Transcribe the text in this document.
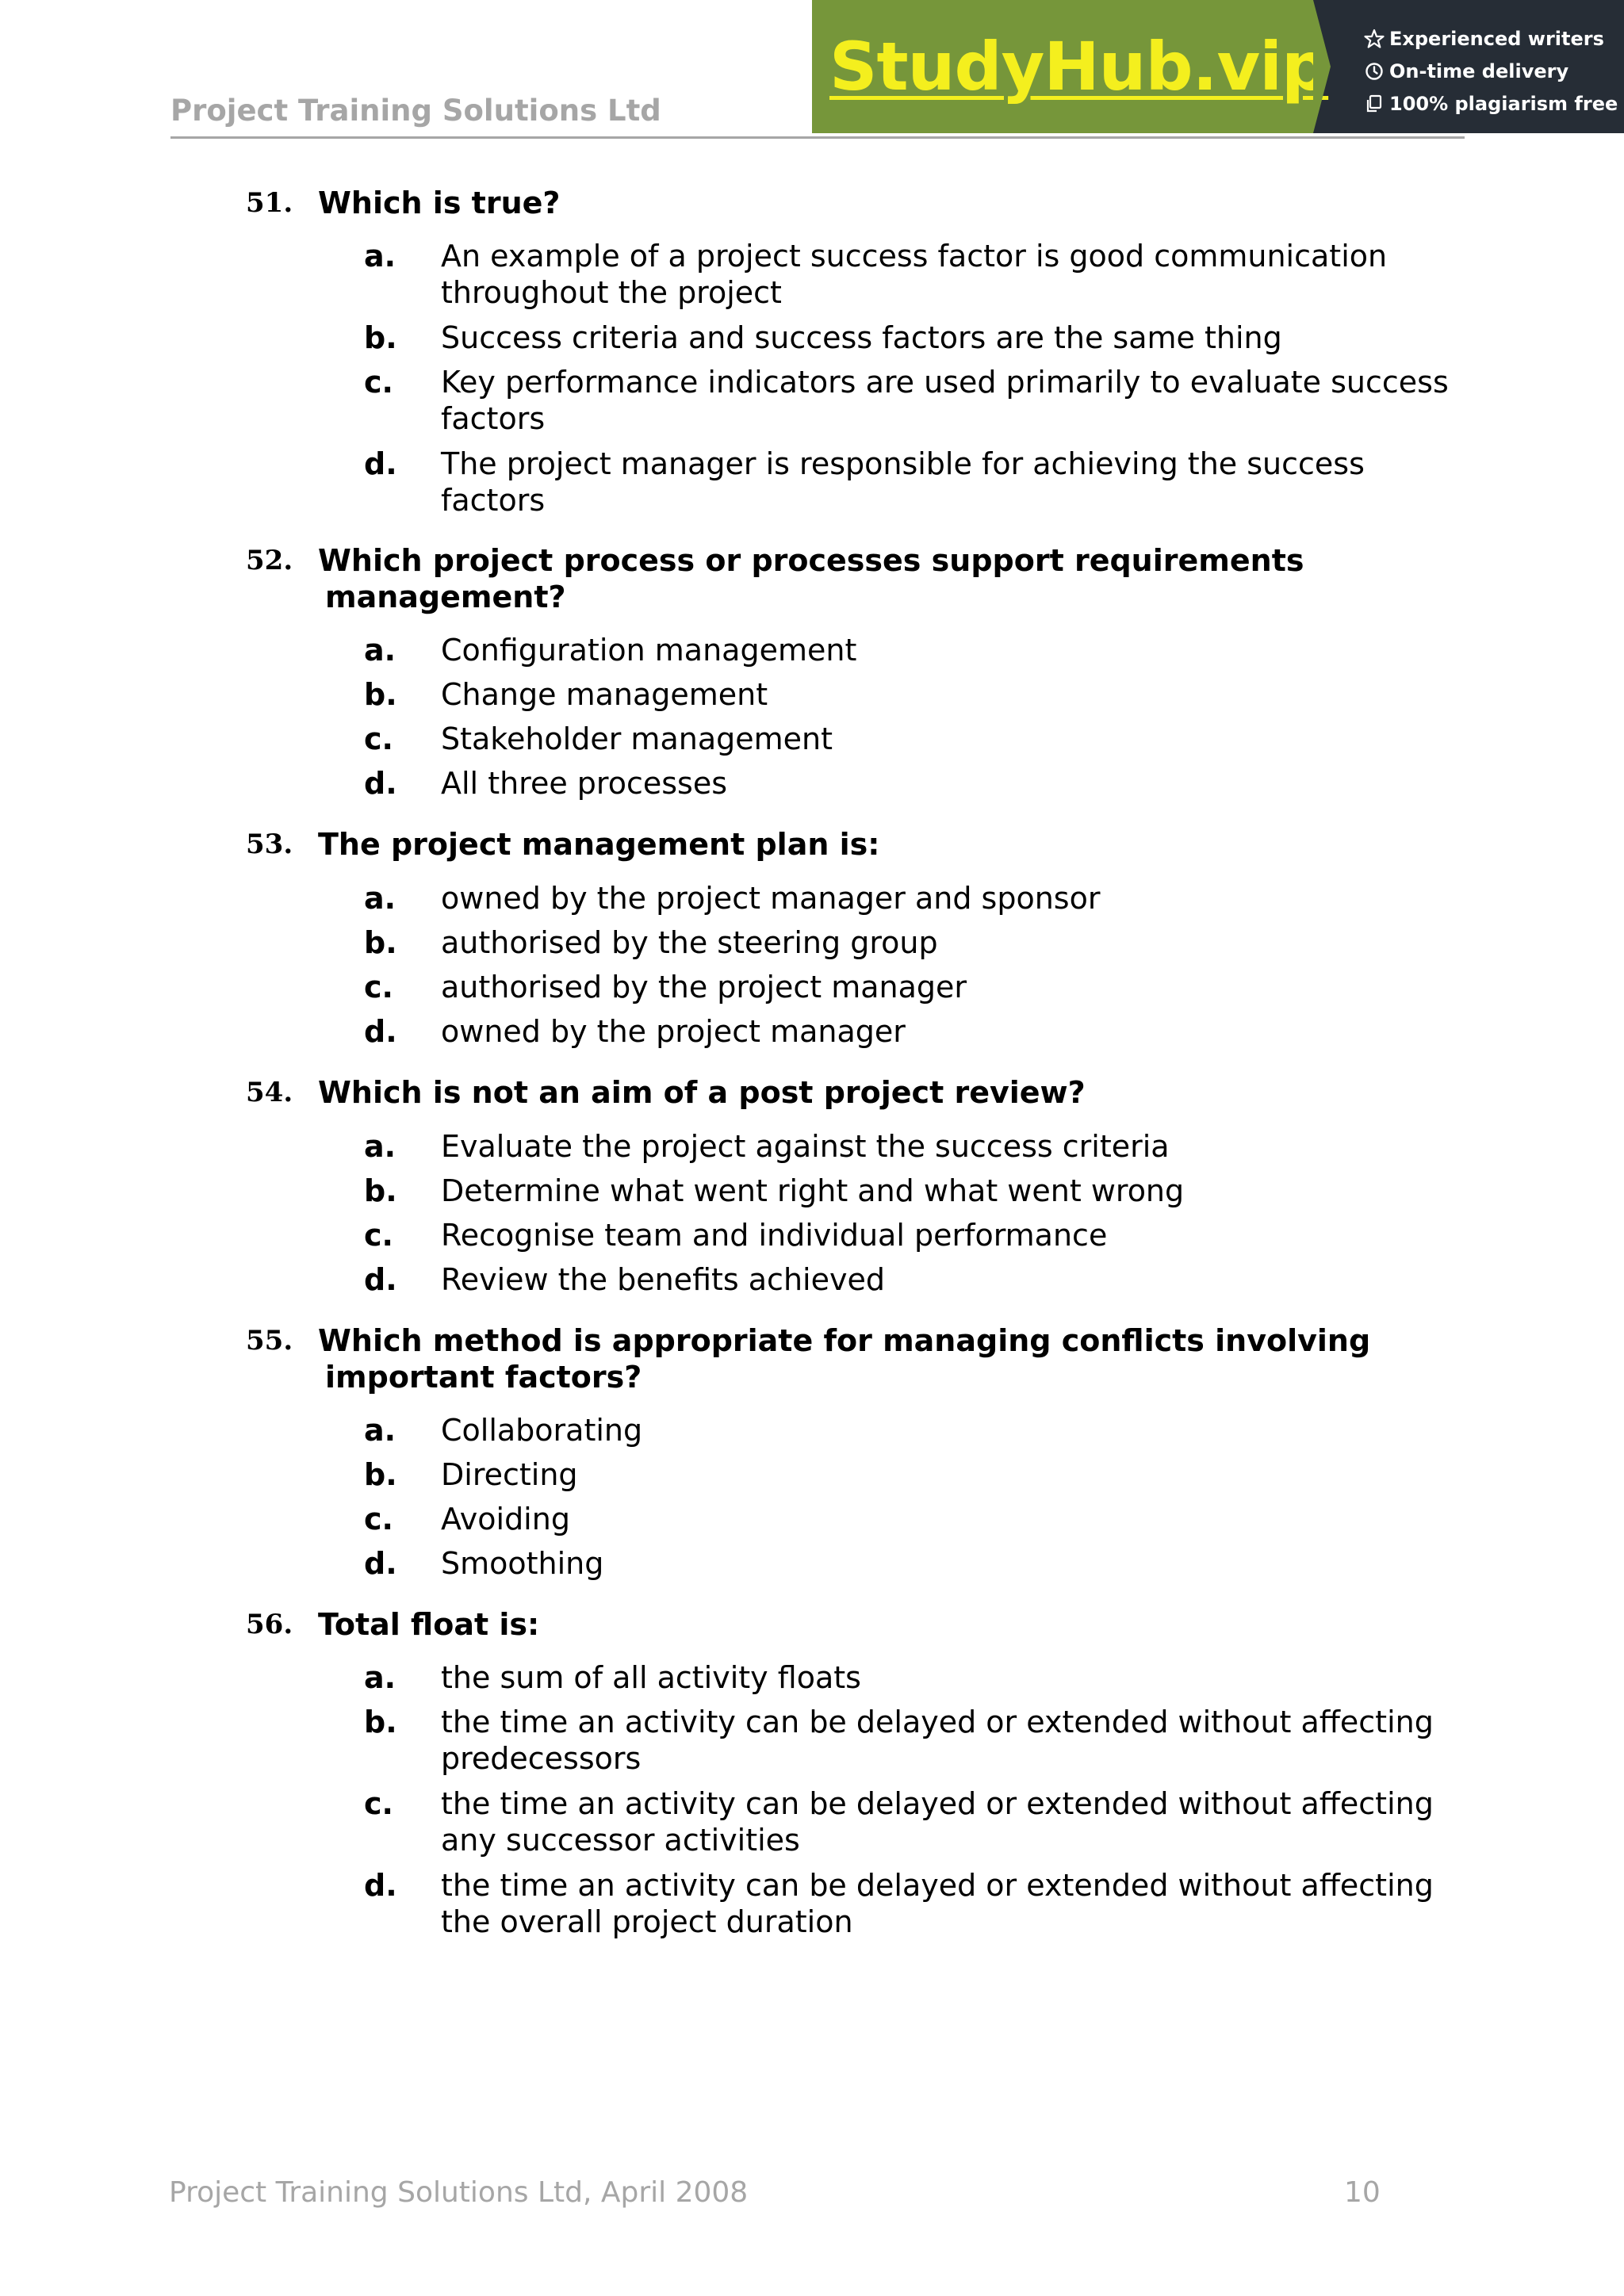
Project Training Solutions Ltd
StudyHub.vip	Experienced writers
On-time delivery
100% plagiarism free
51. Which is true?
a. An example of a project success factor is good communication
throughout the project
b. Success criteria and success factors are the same thing
c. Key performance indicators are used primarily to evaluate success
factors
d. The project manager is responsible for achieving the success
factors
52. Which project process or processes support requirements
management?
a. Configuration management
b. Change management
c. Stakeholder management
d. All three processes
53. The project management plan is:
a. owned by the project manager and sponsor
b. authorised by the steering group
c. authorised by the project manager
d. owned by the project manager
54. Which is not an aim of a post project review?
a. Evaluate the project against the success criteria
b. Determine what went right and what went wrong
c. Recognise team and individual performance
d. Review the benefits achieved
55. Which method is appropriate for managing conflicts involving
important factors?
a. Collaborating
b. Directing
c. Avoiding
d. Smoothing
56. Total float is:
a. the sum of all activity floats
b. the time an activity can be delayed or extended without affecting
predecessors
c. the time an activity can be delayed or extended without affecting
any successor activities
d. the time an activity can be delayed or extended without affecting
the overall project duration
Project Training Solutions Ltd, April 2008	10
